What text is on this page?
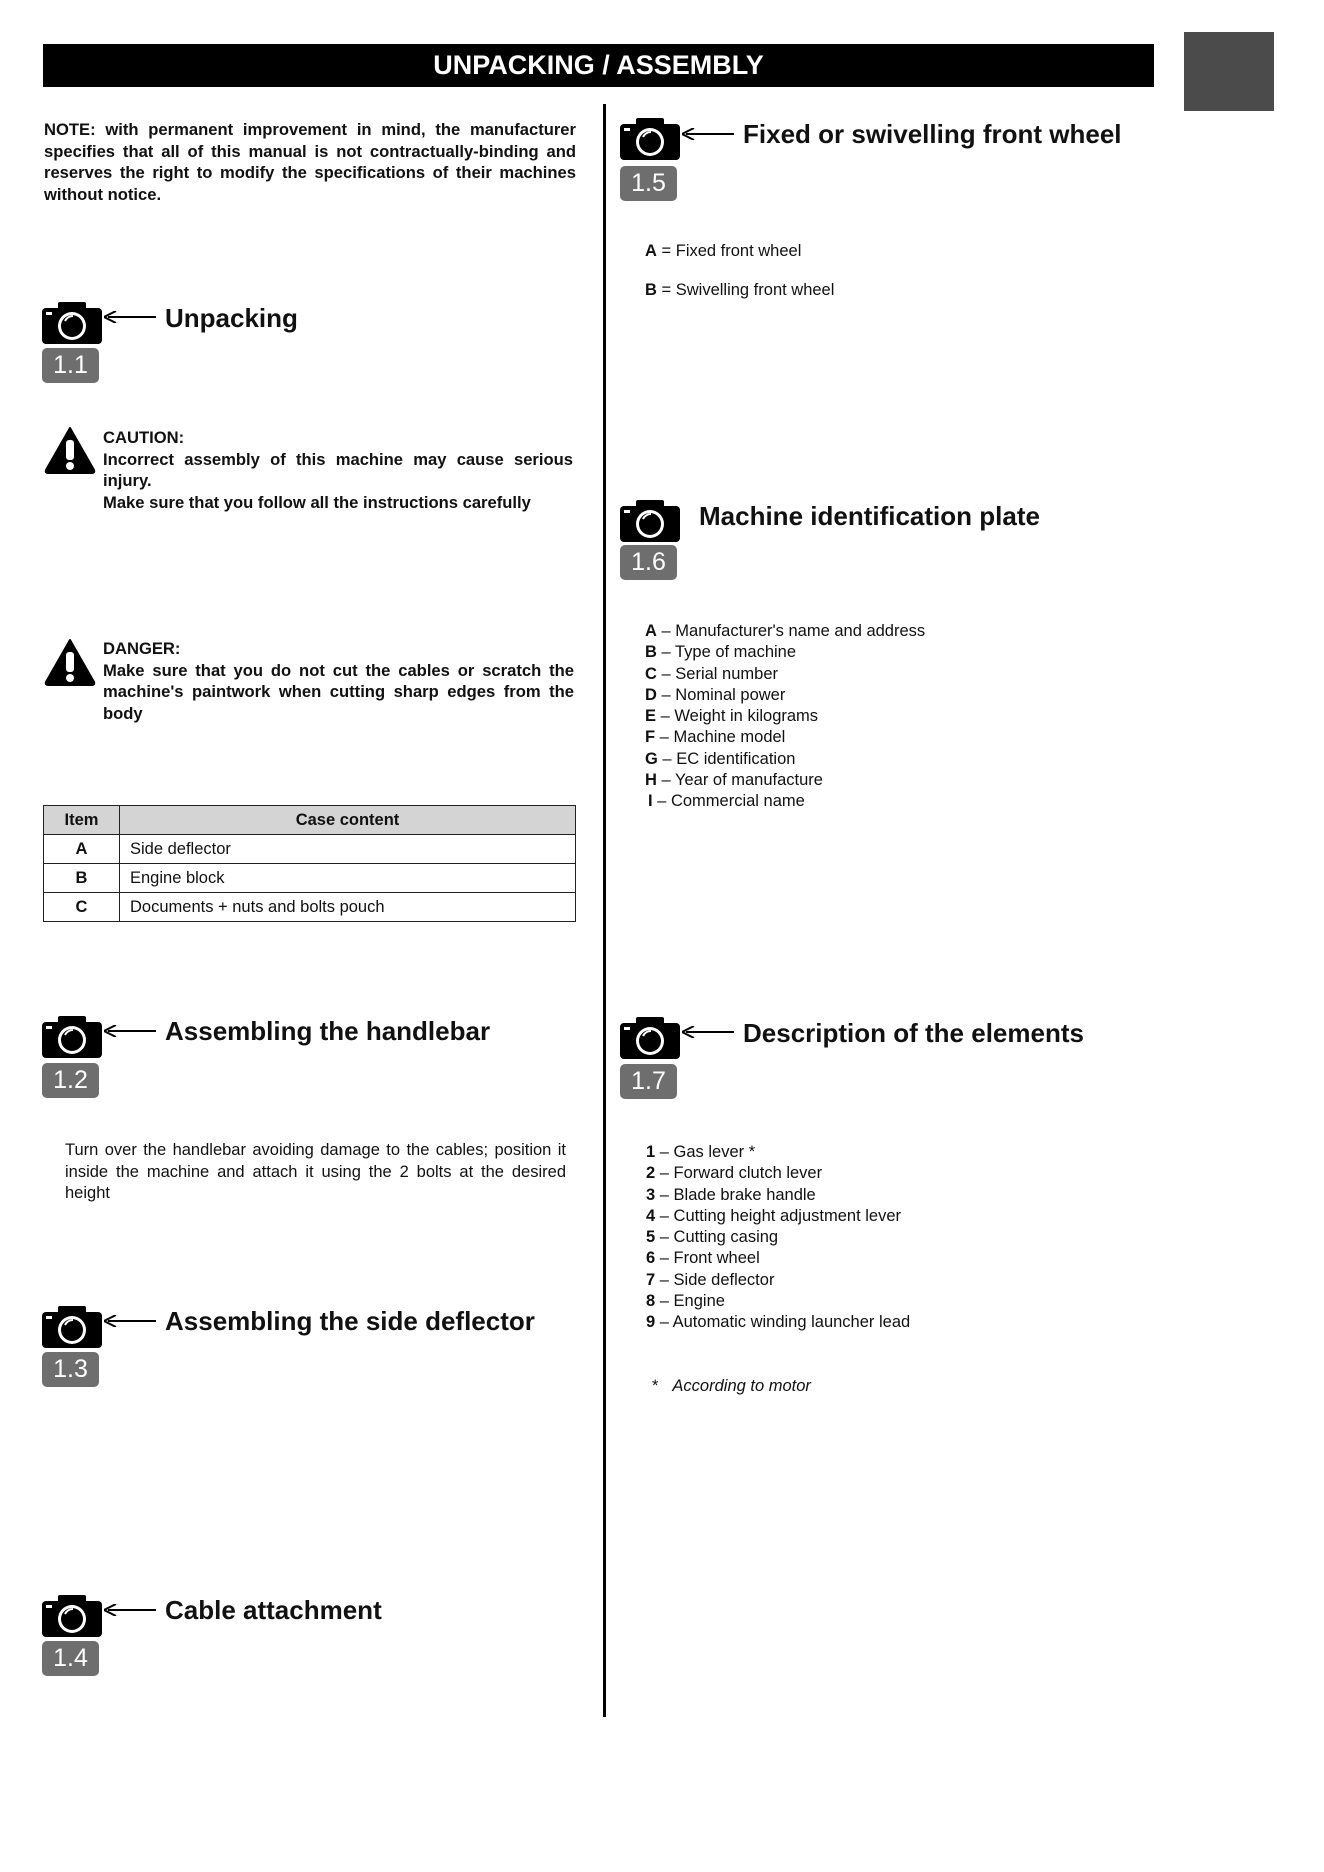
UNPACKING / ASSEMBLY
NOTE: with permanent improvement in mind, the manufacturer specifies that all of this manual is not contractually-binding and reserves the right to modify the specifications of their machines without notice.
1.1
Unpacking
CAUTION:
Incorrect assembly of this machine may cause serious injury.
Make sure that you follow all the instructions carefully
DANGER:
Make sure that you do not cut the cables or scratch the machine's paintwork when cutting sharp edges from the body
Item	Case content
A	Side deflector
B	Engine block
C	Documents + nuts and bolts pouch
1.2
Assembling the handlebar
Turn over the handlebar avoiding damage to the cables; position it inside the machine and attach it using the 2 bolts at the desired height
1.3
Assembling the side deflector
1.4
Cable attachment
1.5
Fixed or swivelling front wheel
A = Fixed front wheel
B = Swivelling front wheel
1.6
Machine identification plate
A – Manufacturer's name and address
B – Type of machine
C – Serial number
D – Nominal power
E – Weight in kilograms
F – Machine model
G – EC identification
H – Year of manufacture
I – Commercial name
1.7
Description of the elements
1 – Gas lever *
2 – Forward clutch lever
3 – Blade brake handle
4 – Cutting height adjustment lever
5 – Cutting casing
6 – Front wheel
7 – Side deflector
8 – Engine
9 – Automatic winding launcher lead
* According to motor
